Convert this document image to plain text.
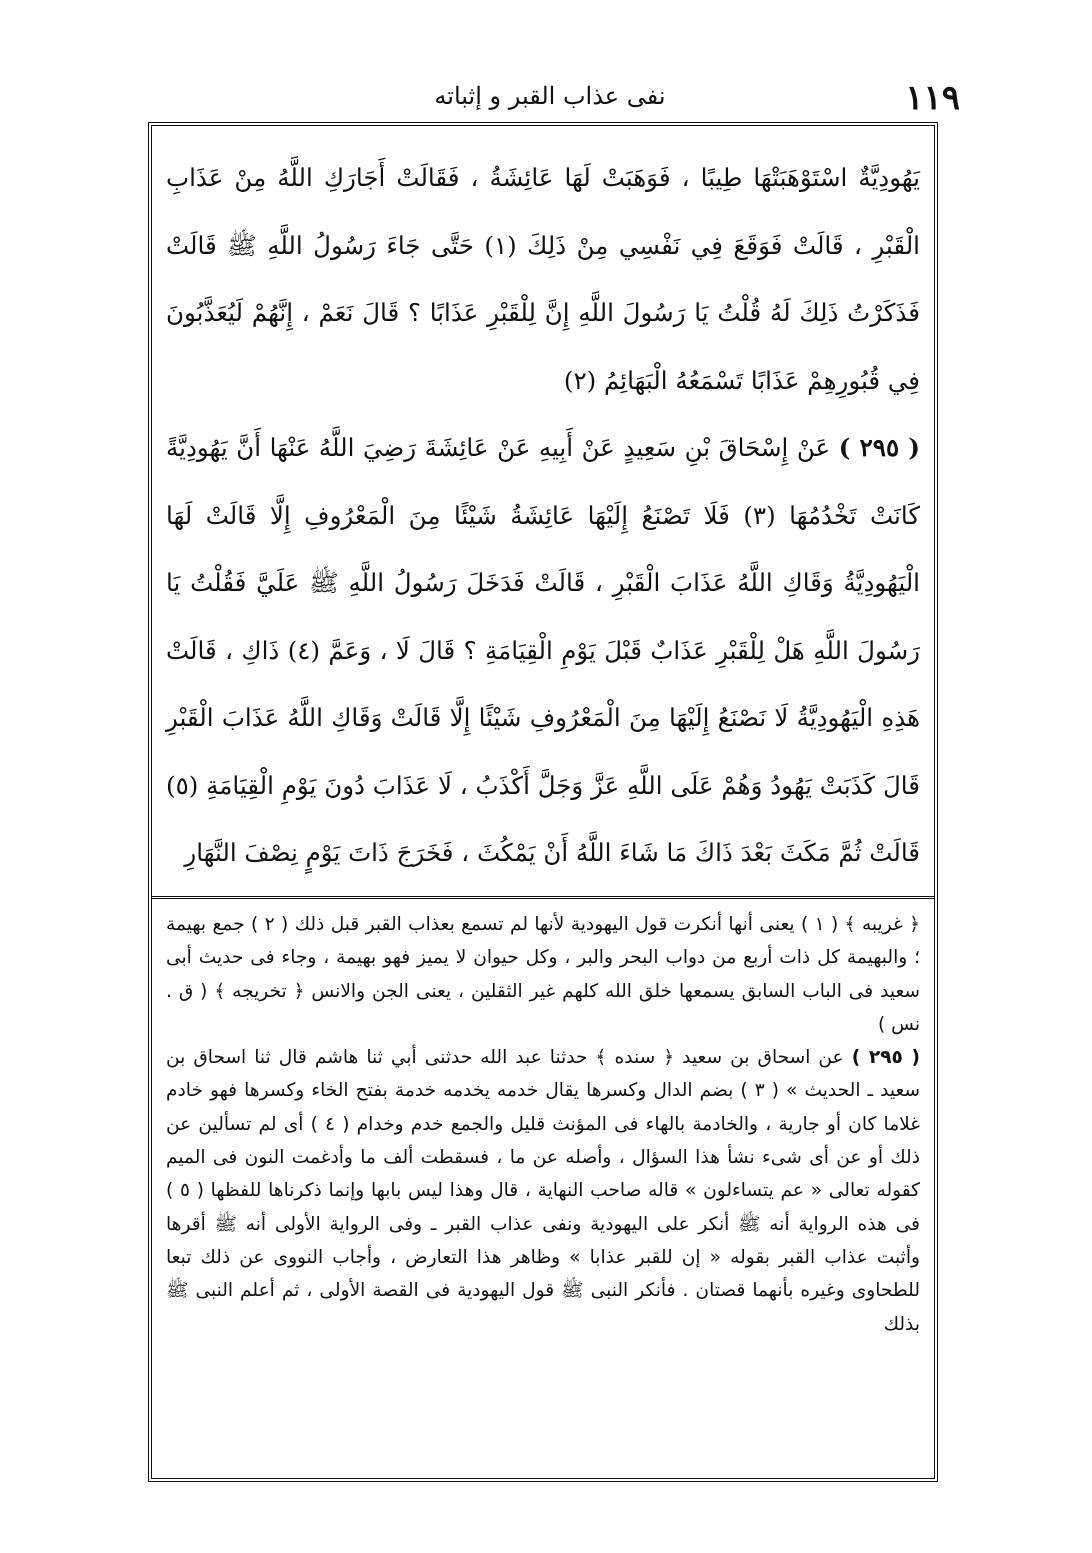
١١٩
نفى عذاب القبر و إثباته

يَهُودِيَّةٌ اسْتَوْهَبَتْهَا طِيبًا ، فَوَهَبَتْ لَهَا عَائِشَةُ ، فَقَالَتْ أَجَارَكِ اللَّهُ مِنْ عَذَابِ الْقَبْرِ ، قَالَتْ فَوَقَعَ فِي نَفْسِي مِنْ ذَلِكَ (١) حَتَّى جَاءَ رَسُولُ اللَّهِ ﷺ قَالَتْ فَذَكَرْتُ ذَلِكَ لَهُ قُلْتُ يَا رَسُولَ اللَّهِ إِنَّ لِلْقَبْرِ عَذَابًا ؟ قَالَ نَعَمْ ، إِنَّهُمْ لَيُعَذَّبُونَ فِي قُبُورِهِمْ عَذَابًا تَسْمَعُهُ الْبَهَائِمُ (٢)

( ٢٩٥ ) عَنْ إِسْحَاقَ بْنِ سَعِيدٍ عَنْ أَبِيهِ عَنْ عَائِشَةَ رَضِيَ اللَّهُ عَنْهَا أَنَّ يَهُودِيَّةً كَانَتْ تَخْدُمُهَا (٣) فَلَا تَصْنَعُ إِلَيْهَا عَائِشَةُ شَيْئًا مِنَ الْمَعْرُوفِ إِلَّا قَالَتْ لَهَا الْيَهُودِيَّةُ وَقَاكِ اللَّهُ عَذَابَ الْقَبْرِ ، قَالَتْ فَدَخَلَ رَسُولُ اللَّهِ ﷺ عَلَيَّ فَقُلْتُ يَا رَسُولَ اللَّهِ هَلْ لِلْقَبْرِ عَذَابٌ قَبْلَ يَوْمِ الْقِيَامَةِ ؟ قَالَ لَا ، وَعَمَّ (٤) ذَاكِ ، قَالَتْ هَذِهِ الْيَهُودِيَّةُ لَا نَصْنَعُ إِلَيْهَا مِنَ الْمَعْرُوفِ شَيْئًا إِلَّا قَالَتْ وَقَاكِ اللَّهُ عَذَابَ الْقَبْرِ قَالَ كَذَبَتْ يَهُودُ وَهُمْ عَلَى اللَّهِ عَزَّ وَجَلَّ أَكْذَبُ ، لَا عَذَابَ دُونَ يَوْمِ الْقِيَامَةِ (٥) قَالَتْ ثُمَّ مَكَثَ بَعْدَ ذَاكَ مَا شَاءَ اللَّهُ أَنْ يَمْكُثَ ، فَخَرَجَ ذَاتَ يَوْمٍ نِصْفَ النَّهَارِ

﴿ غريبه ﴾ ( ١ ) يعنى أنها أنكرت قول اليهودية لأنها لم تسمع بعذاب القبر قبل ذلك ( ٢ ) جمع بهيمة ؛ والبهيمة كل ذات أربع من دواب البحر والبر ، وكل حيوان لا يميز فهو بهيمة ، وجاء فى حديث أبى سعيد فى الباب السابق يسمعها خلق الله كلهم غير الثقلين ، يعنى الجن والانس ﴿ تخريجه ﴾ ( ق . نس )

( ٢٩٥ ) عن اسحاق بن سعيد ﴿ سنده ﴾ حدثنا عبد الله حدثنى أبي ثنا هاشم قال ثنا اسحاق بن سعيد ـ الحديث » ( ٣ ) بضم الدال وكسرها يقال خدمه يخدمه خدمة بفتح الخاء وكسرها فهو خادم غلاما كان أو جارية ، والخادمة بالهاء فى المؤنث قليل والجمع خدم وخدام ( ٤ ) أى لم تسألين عن ذلك أو عن أى شىء نشأ هذا السؤال ، وأصله عن ما ، فسقطت ألف ما وأدغمت النون فى الميم كقوله تعالى « عم يتساءلون » قاله صاحب النهاية ، قال وهذا ليس بابها وإنما ذكرناها للفظها ( ٥ ) فى هذه الرواية أنه ﷺ أنكر على اليهودية ونفى عذاب القبر ـ وفى الرواية الأولى أنه ﷺ أقرها وأثبت عذاب القبر بقوله « إن للقبر عذابا » وظاهر هذا التعارض ، وأجاب النووى عن ذلك تبعا للطحاوى وغيره بأنهما قصتان . فأنكر النبى ﷺ قول اليهودية فى القصة الأولى ، ثم أعلم النبى ﷺ بذلك
